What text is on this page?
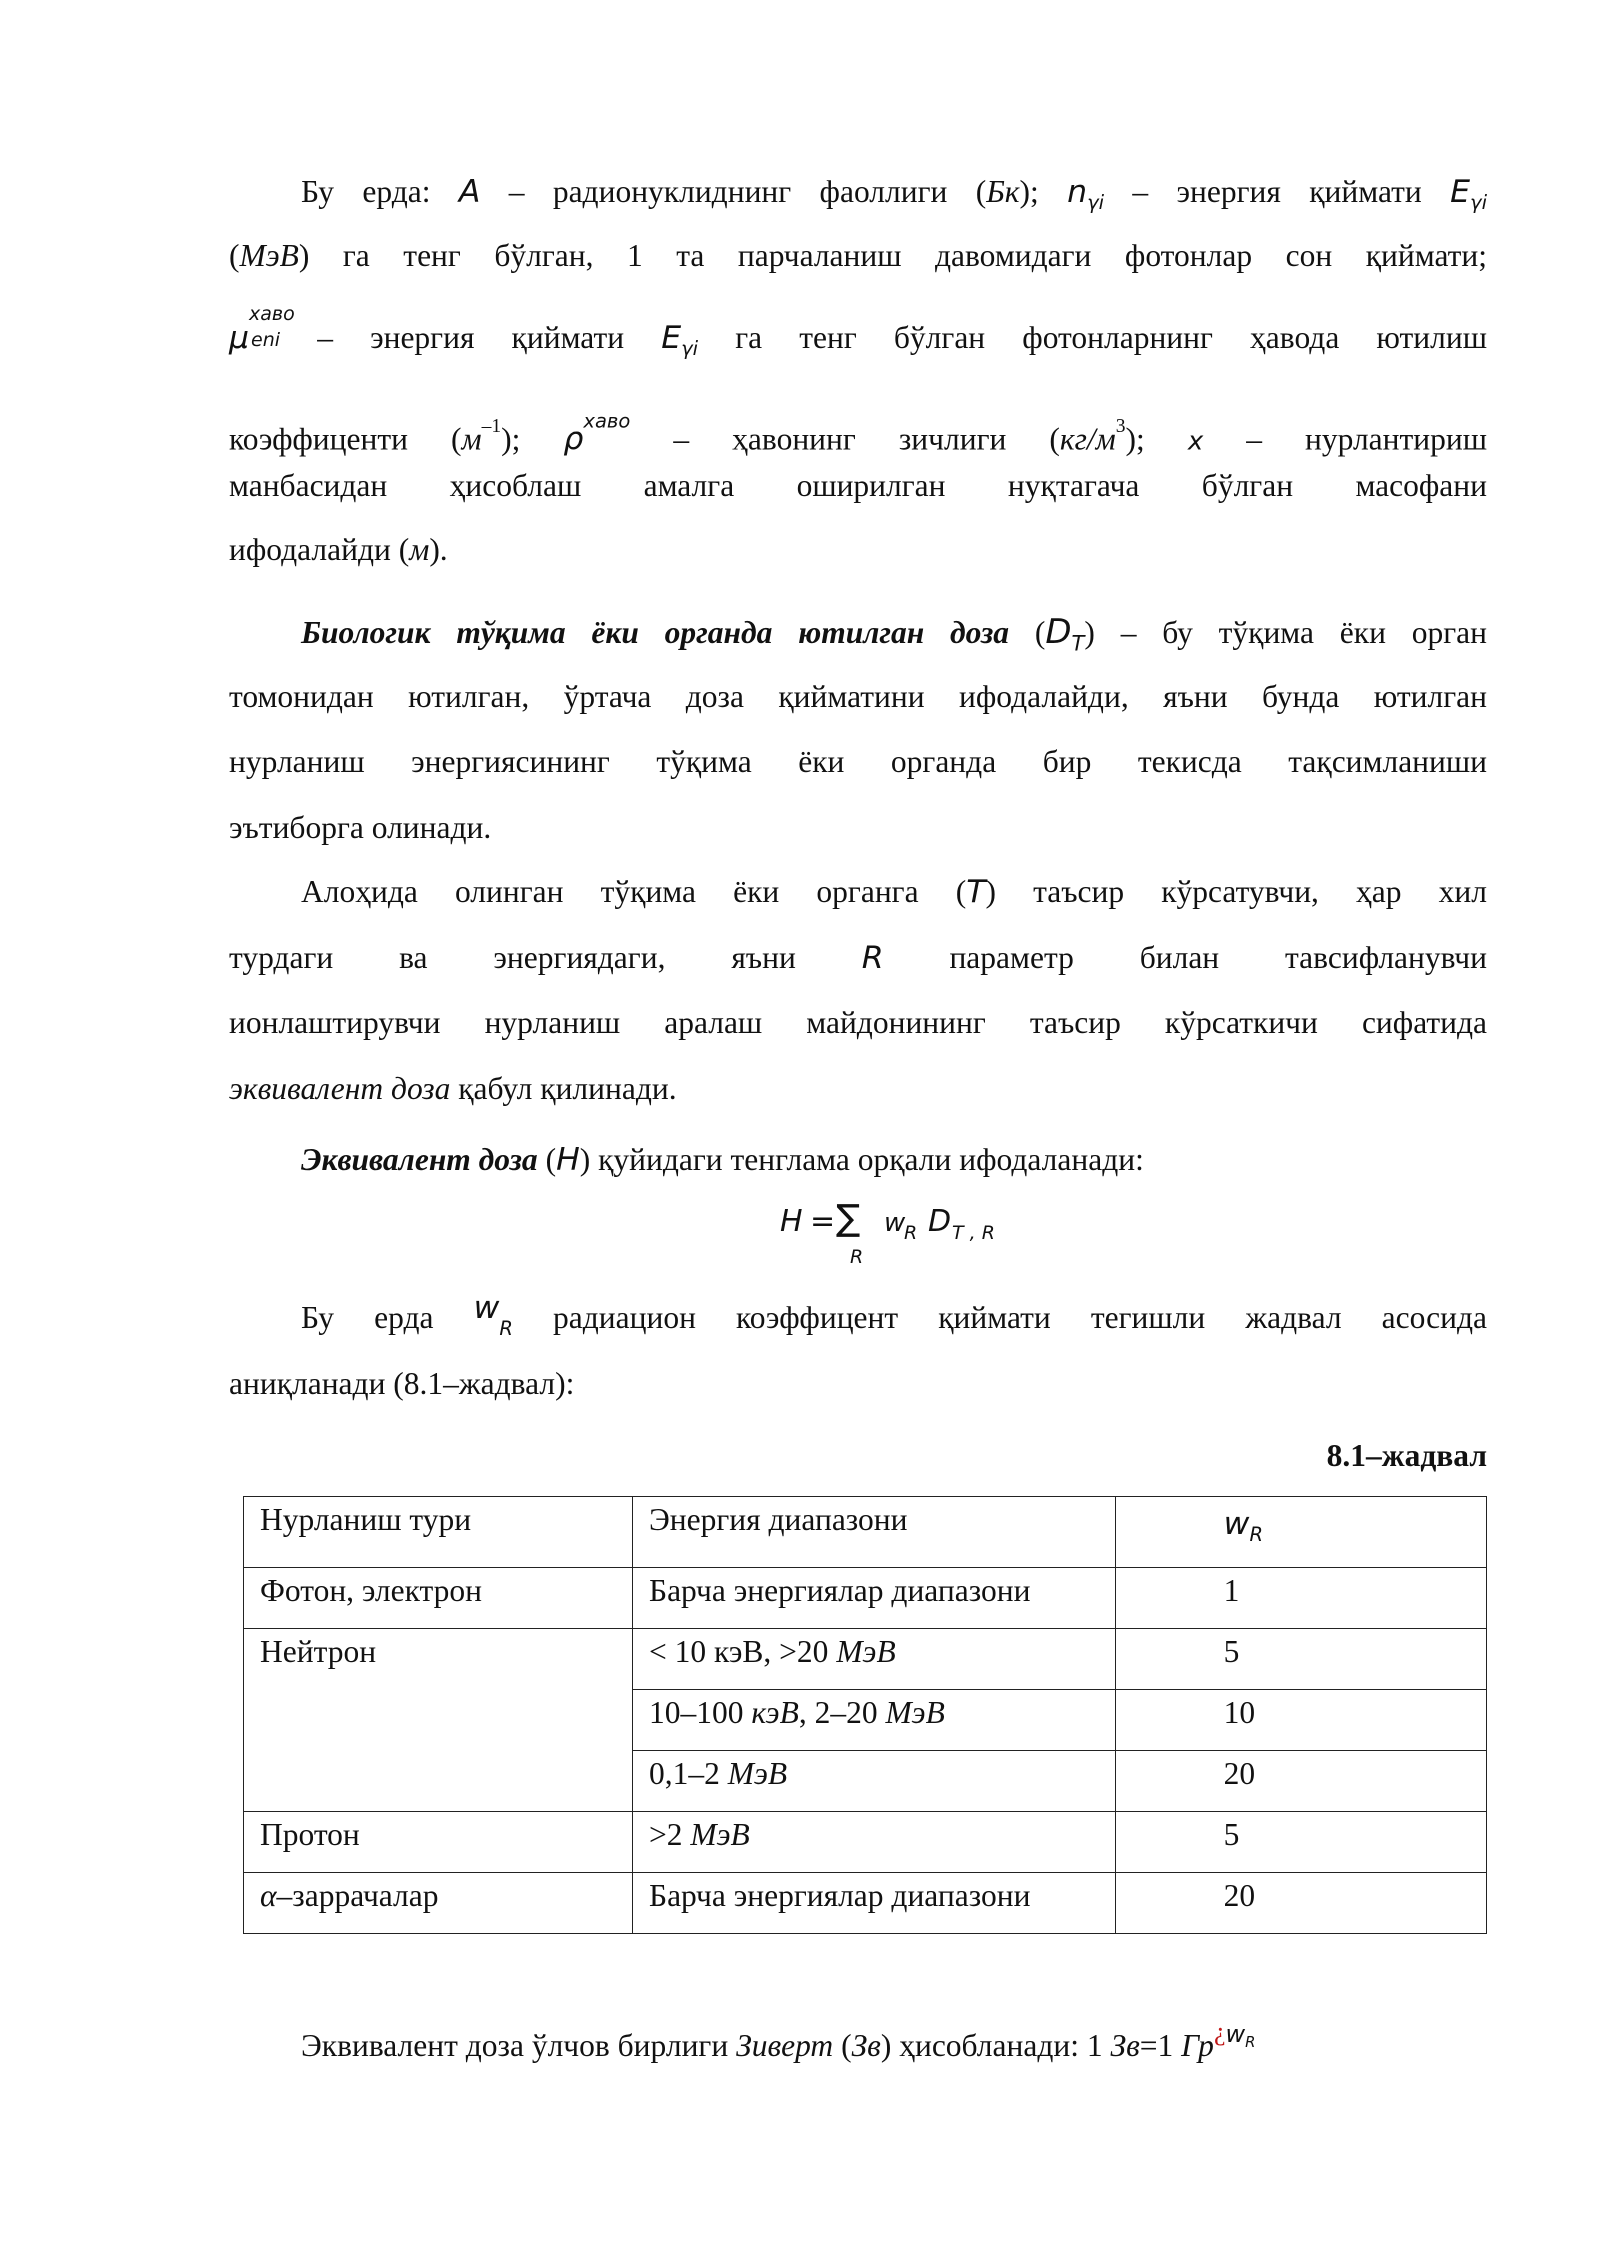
Бу ерда: A – радионуклиднинг фаоллиги (Бк); $n_{\gamma i}$ – энергия қиймати $E_{\gamma i}$
(МэВ) га тенг бўлган, 1 та парчаланиш давомидаги фотонлар сон қиймати;
μ
хаво
eni – энергия қиймати $E_{\gamma i}$ га тенг бўлган фотонларнинг ҳавода ютилиш
коэффиценти $(м^{-1})$; $\rho^{хаво}$ – ҳавонинг зичлиги $(кг/м^3)$; x – нурлантириш
манбасидан ҳисоблаш амалга оширилган нуқтагача бўлган масофани
ифодалайди (м).
Биологик тўқима ёки органда ютилган доза $(D_T)$ – бу тўқима ёки орган
томонидан ютилган, ўртача доза қийматини ифодалайди, яъни бунда ютилган
нурланиш энергиясининг тўқима ёки органда бир текисда тақсимланиши
эътиборга олинади.
Алоҳида олинган тўқима ёки органга (T) таъсир кўрсатувчи, ҳар хил
турдаги ва энергиядаги, яъни R параметр билан тавсифланувчи
ионлаштирувчи нурланиш аралаш майдонининг таъсир кўрсаткичи сифатида
эквивалент доза қабул қилинади.
Эквивалент доза (H) қуйидаги тенглама орқали ифодаланади:
H = ∑
R
w
R D T , R
Бу ерда $w_R$ радиацион коэффицент қиймати тегишли жадвал асосида
аниқланади (8.1–жадвал):
8.1–жадвал
Нурланиш тури	Энергия диапазони	$w_R$
Фотон, электрон	Барча энергиялар диапазони	1
Нейтрон	< 10 кэВ, >20 МэВ	5
	10–100 кэВ, 2–20 МэВ	10
	0,1–2 МэВ	20
Протон	>2 МэВ	5
α–заррачалар	Барча энергиялар диапазони	20
Эквивалент доза ўлчов бирлиги Зиверт (Зв) ҳисобланади: 1 Зв=1 $Гр^{¿w_R}$
